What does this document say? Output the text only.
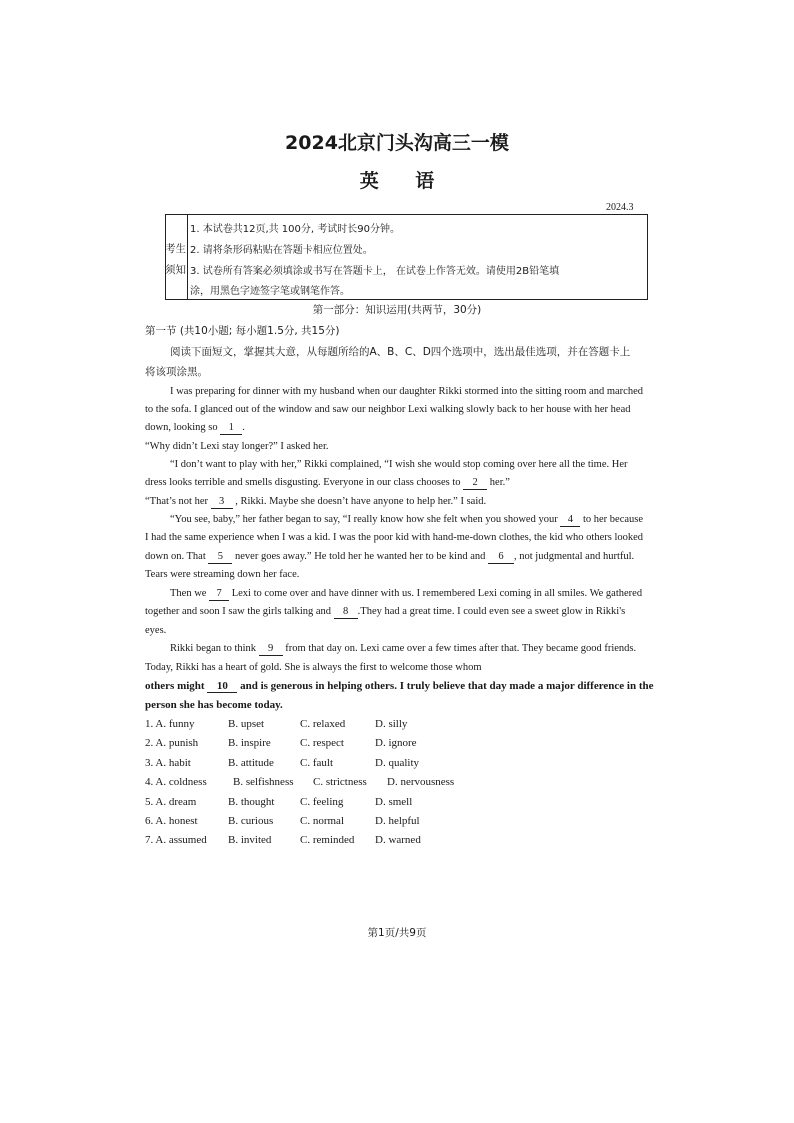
2024北京门头沟高三一模
英 语
2024.3
考生
须知
1. 本试卷共12页,共 100分, 考试时长90分钟。
2. 请将条形码粘贴在答题卡相应位置处。
3. 试卷所有答案必须填涂或书写在答题卡上， 在试卷上作答无效。请使用2B铅笔填
涂，用黑色字迹签字笔或钢笔作答。
第一部分：知识运用(共两节，30分)
第一节 (共10小题; 每小题1.5分, 共15分)
阅读下面短文，掌握其大意，从每题所给的A、B、C、D四个选项中，选出最佳选项，并在答题卡上
将该项涂黑。
I was preparing for dinner with my husband when our daughter Rikki stormed into the sitting room and marched
to the sofa. I glanced out of the window and saw our neighbor Lexi walking slowly back to her house with her head
down, looking so 1 .
“Why didn’t Lexi stay longer?” I asked her.
“I don’t want to play with her,” Rikki complained, “I wish she would stop coming over here all the time. Her
dress looks terrible and smells disgusting. Everyone in our class chooses to 2 her.”
“That’s not her 3 , Rikki. Maybe she doesn’t have anyone to help her.” I said.
“You see, baby,” her father began to say, “I really know how she felt when you showed your 4 to her because
I had the same experience when I was a kid. I was the poor kid with hand-me-down clothes, the kid who others looked
down on. That 5 never goes away.” He told her he wanted her to be kind and 6 , not judgmental and hurtful.
Tears were streaming down her face.
Then we 7 Lexi to come over and have dinner with us. I remembered Lexi coming in all smiles. We gathered
together and soon I saw the girls talking and 8 .They had a great time. I could even see a sweet glow in Rikki's
eyes.
Rikki began to think 9 from that day on. Lexi came over a few times after that. They became good friends.
Today, Rikki has a heart of gold. She is always the first to welcome those whom
others might 10 and is generous in helping others. I truly believe that day made a major difference in the
person she has become today.
1. A. funny	B. upset	C. relaxed	D. silly
2. A. punish	B. inspire	C. respect	D. ignore
3. A. habit	B. attitude C. fault	D. quality
4. A. coldness B. selfishness C. strictness D. nervousness
5. A. dream	B. thought C. feeling	D. smell
6. A. honest	B. curious C. normal	D. helpful
7. A. assumed B. invited	C. reminded D. warned
第1页/共9页
